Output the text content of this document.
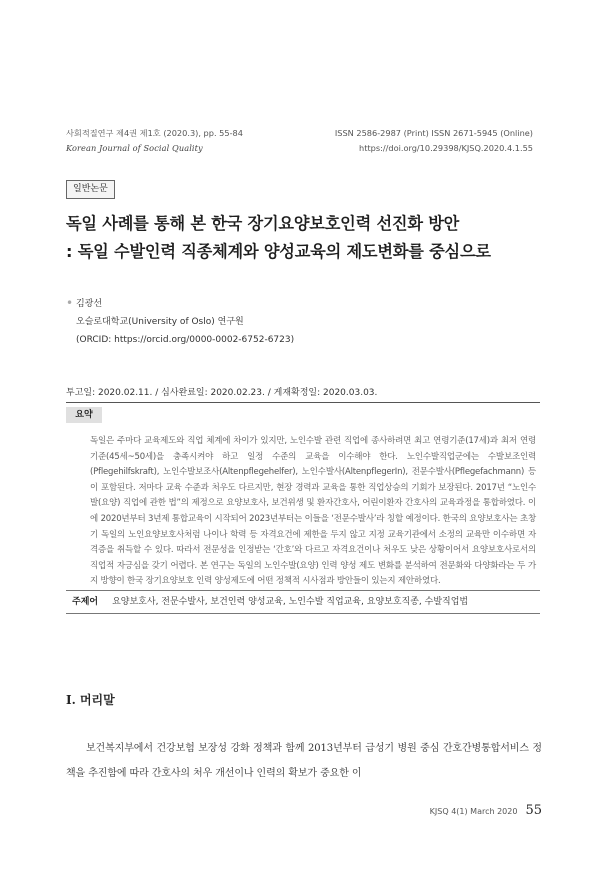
사회적질연구 제4권 제1호 (2020.3), pp. 55-84
Korean Journal of Social Quality
ISSN 2586-2987 (Print) ISSN 2671-5945 (Online)
https://doi.org/10.29398/KJSQ.2020.4.1.55
일반논문
독일 사례를 통해 본 한국 장기요양보호인력 선진화 방안
: 독일 수발인력 직종체계와 양성교육의 제도변화를 중심으로
• 김광선
오슬로대학교(University of Oslo) 연구원
(ORCID: https://orcid.org/0000-0002-6752-6723)
투고일: 2020.02.11. / 심사완료일: 2020.02.23. / 게재확정일: 2020.03.03.
요약
독일은 주마다 교육제도와 직업 체계에 차이가 있지만, 노인수발 관련 직업에 종사하려면 최고 연령기준(17세)과 최저 연령기준(45세~50세)을 충족시켜야 하고 일정 수준의 교육을 이수해야 한다. 노인수발직업군에는 수발보조인력(Pflegehilfskraft), 노인수발보조사(Altenpflegehelfer), 노인수발사(AltenpflegerIn), 전문수발사(Pflegefachmann) 등이 포함된다. 저마다 교육 수준과 처우도 다르지만, 현장 경력과 교육을 통한 직업상승의 기회가 보장된다. 2017년 “노인수발(요양) 직업에 관한 법”의 제정으로 요양보호사, 보건위생 및 환자간호사, 어린이환자 간호사의 교육과정을 통합하였다. 이에 2020년부터 3년제 통합교육이 시작되어 2023년부터는 이들을 ‘전문수발사’라 칭할 예정이다. 한국의 요양보호사는 초창기 독일의 노인요양보호사처럼 나이나 학력 등 자격요건에 제한을 두지 않고 지정 교육기관에서 소정의 교육만 이수하면 자격증을 취득할 수 있다. 따라서 전문성을 인정받는 ‘간호’와 다르고 자격요건이나 처우도 낮은 상황이어서 요양보호사로서의 직업적 자긍심을 갖기 어렵다. 본 연구는 독일의 노인수발(요양) 인력 양성 제도 변화를 분석하여 전문화와 다양화라는 두 가지 방향이 한국 장기요양보호 인력 양성제도에 어떤 정책적 시사점과 방안들이 있는지 제안하였다.
주제어 요양보호사, 전문수발사, 보건인력 양성교육, 노인수발 직업교육, 요양보호직종, 수발직업법
Ⅰ. 머리말
보건복지부에서 건강보험 보장성 강화 정책과 함께 2013년부터 급성기 병원 중심 간호간병통합서비스 정책을 추진함에 따라 간호사의 처우 개선이나 인력의 확보가 중요한 이
KJSQ 4(1) March 2020 55
